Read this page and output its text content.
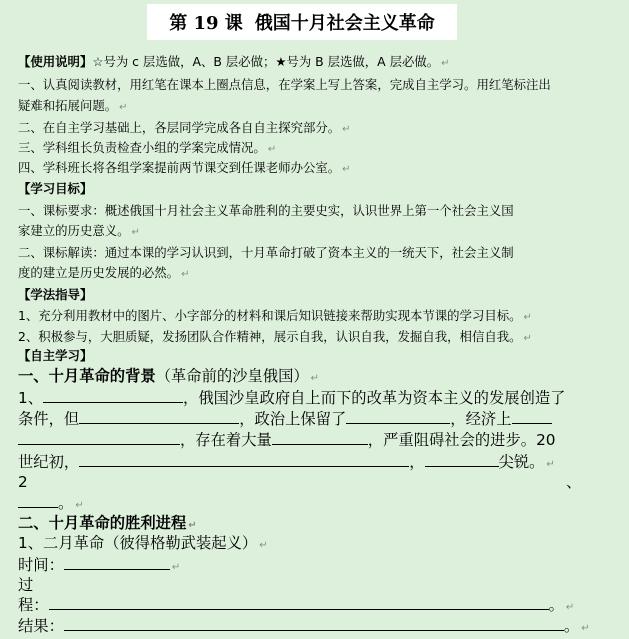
第 19 课 俄国十月社会主义革命
【使用说明】☆号为 c 层选做，A、B 层必做；★号为 B 层选做，A 层必做。 ↵
一、认真阅读教材，用红笔在课本上圈点信息，在学案上写上答案，完成自主学习。用红笔标注出
疑难和拓展问题。 ↵
二、在自主学习基础上，各层同学完成各自自主探究部分。 ↵
三、学科组长负责检查小组的学案完成情况。 ↵
四、学科班长将各组学案提前两节课交到任课老师办公室。 ↵
【学习目标】
一、课标要求：概述俄国十月社会主义革命胜利的主要史实，认识世界上第一个社会主义国
家建立的历史意义。 ↵
二、课标解读：通过本课的学习认识到，十月革命打破了资本主义的一统天下，社会主义制
度的建立是历史发展的必然。 ↵
【学法指导】
1、充分利用教材中的图片、小字部分的材料和课后知识链接来帮助实现本节课的学习目标。 ↵
2、积极参与，大胆质疑，发扬团队合作精神，展示自我，认识自我，发掘自我，相信自我。 ↵
【自主学习】
一、十月革命的背景（革命前的沙皇俄国） ↵
1、	，俄国沙皇政府自上而下的改革为资本主义的发展创造了
条件，但	，政治上保留了	，经济上
，存在着大量	，严重阻碍社会的进步。20
世纪初，	，	尖锐。 ↵
2	、
。 ↵
二、十月革命的胜利进程 ↵
1、二月革命（彼得格勒武装起义） ↵
时间：	↵
过
程：	。 ↵
结果：	。 ↵
